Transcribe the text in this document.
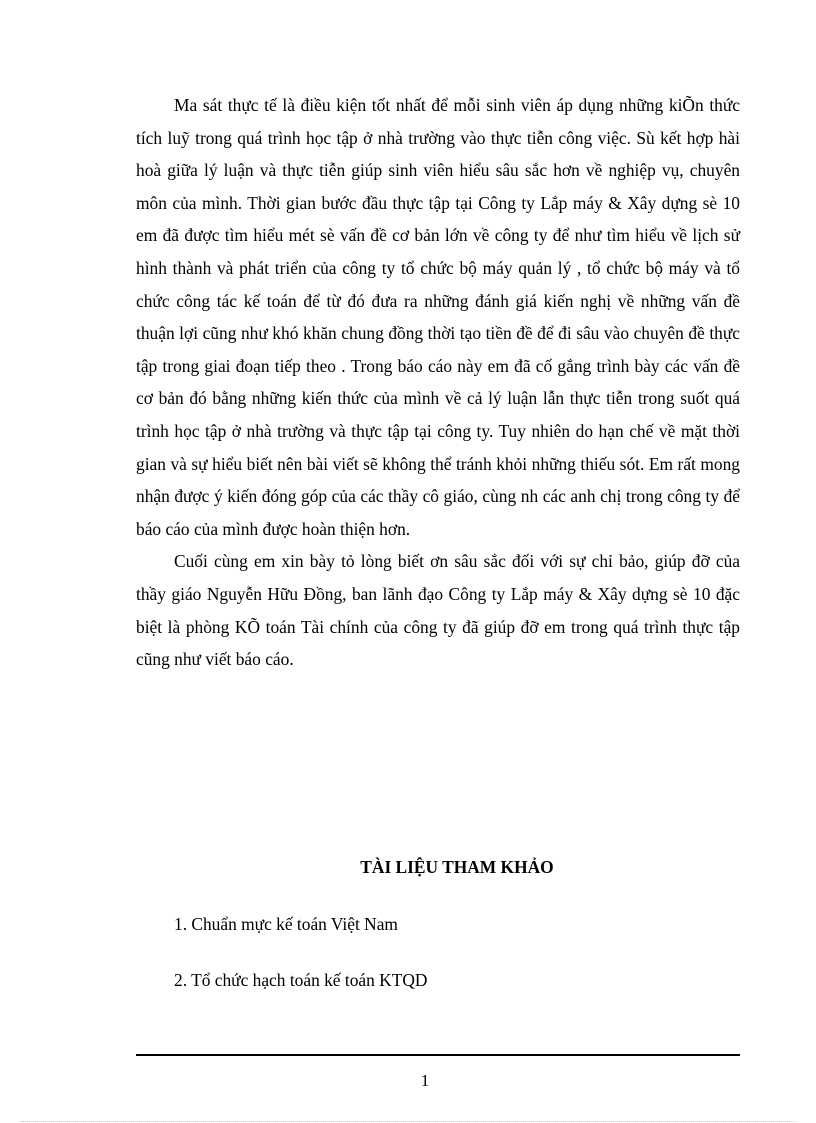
Ma sát thực tế là điều kiện tốt nhất để mỗi sinh viên áp dụng những kiÕn thức tích luỹ trong quá trình học tập ở nhà trường vào thực tiễn công việc. Sù kết hợp hài hoà giữa lý luận và thực tiễn giúp sinh viên hiểu sâu sắc hơn về nghiệp vụ, chuyên môn của mình. Thời gian bước đầu thực tập tại Công ty Lắp máy & Xây dựng sè 10 em đã được tìm hiểu mét sè vấn đề cơ bản lớn về công ty để như tìm hiểu về lịch sử hình thành và phát triển của công ty tổ chức bộ máy quản lý , tổ chức bộ máy và tổ chức công tác kế toán để từ đó đưa ra những đánh giá kiến nghị về những vấn đề thuận lợi cũng như khó khăn chung đồng thời tạo tiền đề để đi sâu vào chuyên đề thực tập trong giai đoạn tiếp theo . Trong báo cáo này em đã cố gắng trình bày các vấn đề cơ bản đó bằng những kiến thức của mình về cả lý luận lẫn thực tiễn trong suốt quá trình học tập ở nhà trường và thực tập tại công ty. Tuy nhiên do hạn chế về mặt thời gian và sự hiểu biết nên bài viết sẽ không thể tránh khỏi những thiếu sót. Em rất mong nhận được ý kiến đóng góp của các thầy cô giáo, cùng nh các anh chị trong công ty để báo cáo của mình được hoàn thiện hơn.

Cuối cùng em xin bày tỏ lòng biết ơn sâu sắc đối với sự chỉ bảo, giúp đỡ của thầy giáo Nguyễn Hữu Đồng, ban lãnh đạo Công ty Lắp máy & Xây dựng sè 10 đặc biệt là phòng KÕ toán Tài chính của công ty đã giúp đỡ em trong quá trình thực tập cũng như viết báo cáo.

TÀI LIỆU THAM KHẢO
1. Chuẩn mực kế toán Việt Nam
2. Tổ chức hạch toán kế toán KTQD
1
